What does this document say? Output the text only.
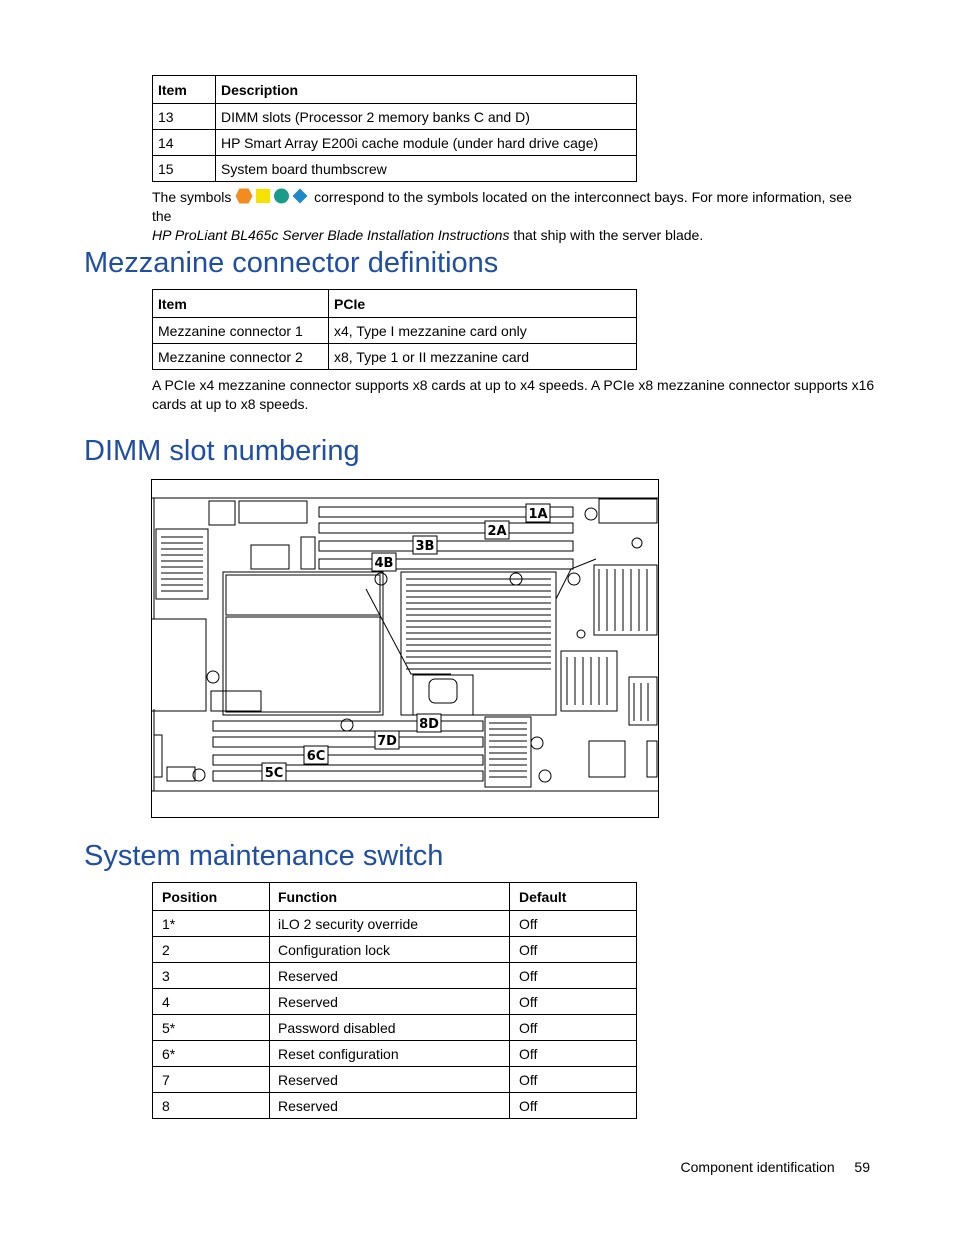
Item	Description
13	DIMM slots (Processor 2 memory banks C and D)
14	HP Smart Array E200i cache module (under hard drive cage)
15	System board thumbscrew

The symbols	correspond to the symbols located on the interconnect bays. For more information, see the
HP ProLiant BL465c Server Blade Installation Instructions that ship with the server blade.

Mezzanine connector definitions
Item	PCIe
Mezzanine connector 1	x4, Type I mezzanine card only
Mezzanine connector 2	x8, Type 1 or II mezzanine card

A PCIe x4 mezzanine connector supports x8 cards at up to x4 speeds. A PCIe x8 mezzanine connector supports x16
cards at up to x8 speeds.

DIMM slot numbering
1A
2A
3B
4B
5C
6C
7D
8D
System maintenance switch
Position	Function	Default
1*	iLO 2 security override	Off
2	Configuration lock	Off
3	Reserved	Off
4	Reserved	Off
5*	Password disabled	Off
6*	Reset configuration	Off
7	Reserved	Off
8	Reserved	Off
Component identification 59
